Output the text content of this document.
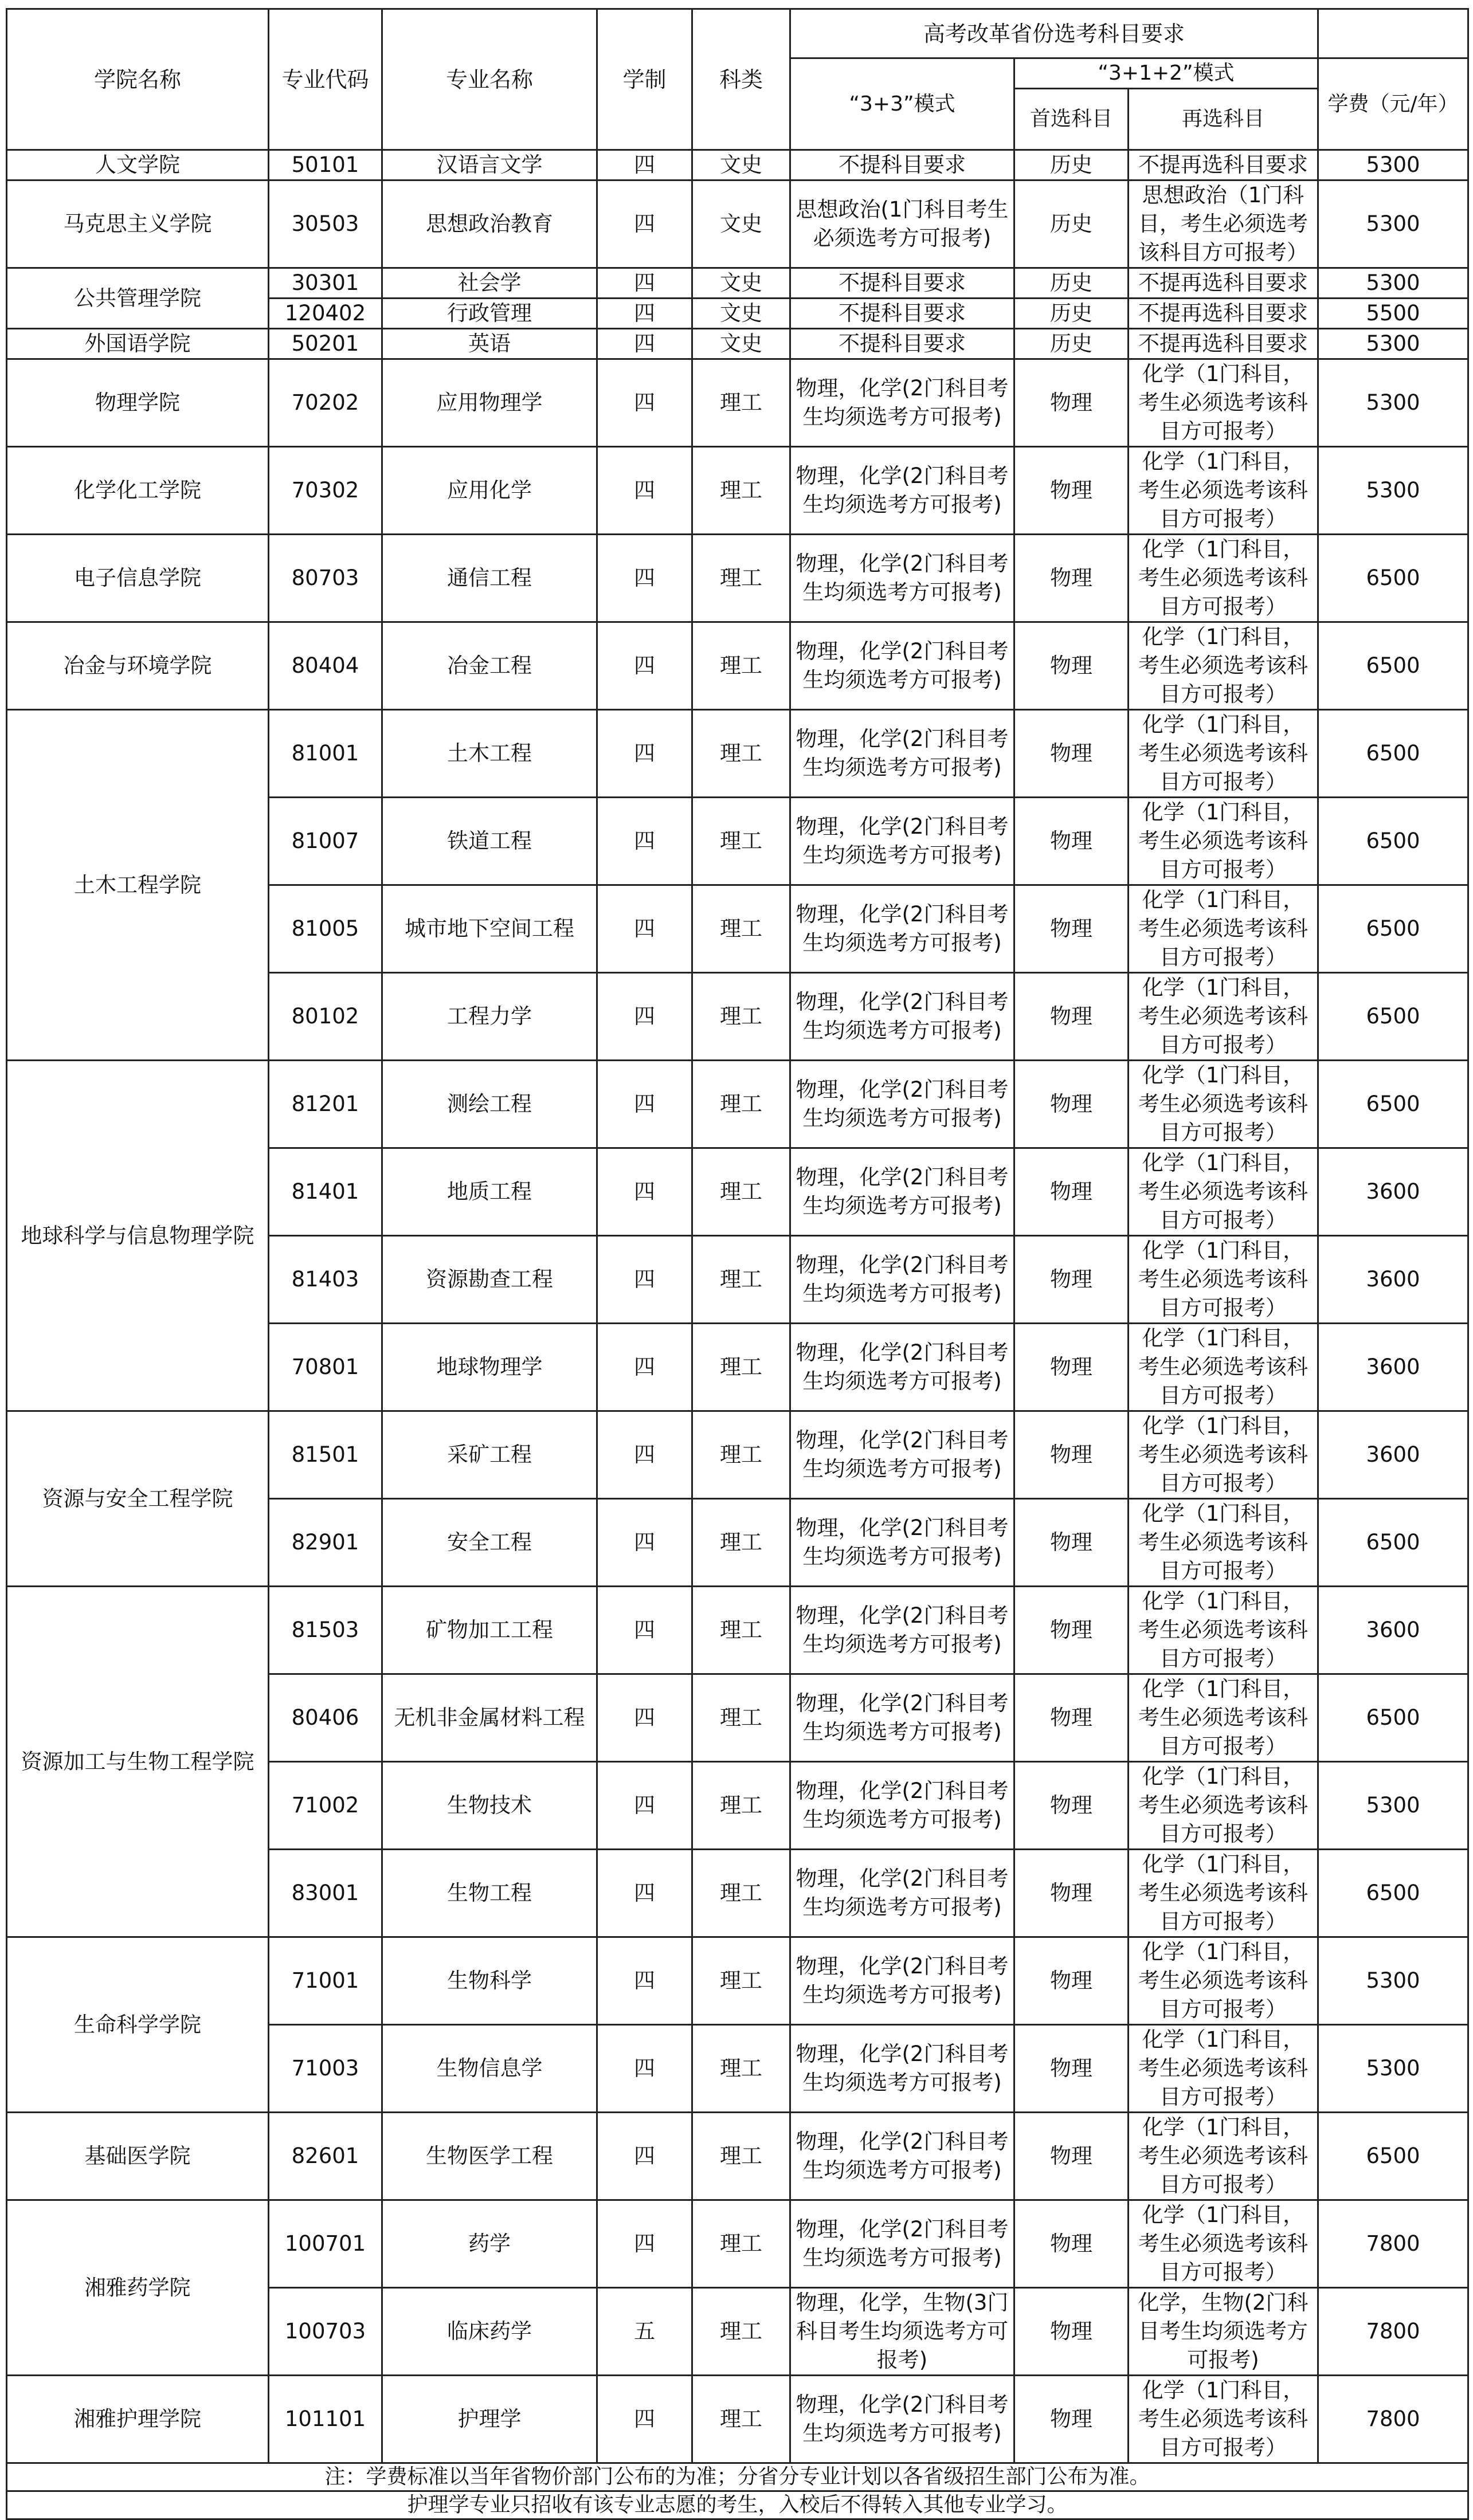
学院名称	专业代码	专业名称	学制	科类	高考改革省份选考科目要求			
					“3+3”模式	“3+1+2”模式		学费（元/年）
						首选科目	再选科目	
人文学院	50101	汉语言文学	四	文史	不提科目要求	历史	不提再选科目要求	5300
马克思主义学院	30503	思想政治教育	四	文史	思想政治(1门科目考生必须选考方可报考)	历史	思想政治（1门科目，考生必须选考该科目方可报考）	5300
公共管理学院	30301	社会学	四	文史	不提科目要求	历史	不提再选科目要求	5300
	120402	行政管理	四	文史	不提科目要求	历史	不提再选科目要求	5500
外国语学院	50201	英语	四	文史	不提科目要求	历史	不提再选科目要求	5300
物理学院	70202	应用物理学	四	理工	物理，化学(2门科目考生均须选考方可报考)	物理	化学（1门科目，考生必须选考该科目方可报考）	5300
化学化工学院	70302	应用化学	四	理工	物理，化学(2门科目考生均须选考方可报考)	物理	化学（1门科目，考生必须选考该科目方可报考）	5300
电子信息学院	80703	通信工程	四	理工	物理，化学(2门科目考生均须选考方可报考)	物理	化学（1门科目，考生必须选考该科目方可报考）	6500
冶金与环境学院	80404	冶金工程	四	理工	物理，化学(2门科目考生均须选考方可报考)	物理	化学（1门科目，考生必须选考该科目方可报考）	6500
土木工程学院	81001	土木工程	四	理工	物理，化学(2门科目考生均须选考方可报考)	物理	化学（1门科目，考生必须选考该科目方可报考）	6500
	81007	铁道工程	四	理工	物理，化学(2门科目考生均须选考方可报考)	物理	化学（1门科目，考生必须选考该科目方可报考）	6500
	81005	城市地下空间工程	四	理工	物理，化学(2门科目考生均须选考方可报考)	物理	化学（1门科目，考生必须选考该科目方可报考）	6500
	80102	工程力学	四	理工	物理，化学(2门科目考生均须选考方可报考)	物理	化学（1门科目，考生必须选考该科目方可报考）	6500
地球科学与信息物理学院	81201	测绘工程	四	理工	物理，化学(2门科目考生均须选考方可报考)	物理	化学（1门科目，考生必须选考该科目方可报考）	6500
	81401	地质工程	四	理工	物理，化学(2门科目考生均须选考方可报考)	物理	化学（1门科目，考生必须选考该科目方可报考）	3600
	81403	资源勘查工程	四	理工	物理，化学(2门科目考生均须选考方可报考)	物理	化学（1门科目，考生必须选考该科目方可报考）	3600
	70801	地球物理学	四	理工	物理，化学(2门科目考生均须选考方可报考)	物理	化学（1门科目，考生必须选考该科目方可报考）	3600
资源与安全工程学院	81501	采矿工程	四	理工	物理，化学(2门科目考生均须选考方可报考)	物理	化学（1门科目，考生必须选考该科目方可报考）	3600
	82901	安全工程	四	理工	物理，化学(2门科目考生均须选考方可报考)	物理	化学（1门科目，考生必须选考该科目方可报考）	6500
资源加工与生物工程学院	81503	矿物加工工程	四	理工	物理，化学(2门科目考生均须选考方可报考)	物理	化学（1门科目，考生必须选考该科目方可报考）	3600
	80406	无机非金属材料工程	四	理工	物理，化学(2门科目考生均须选考方可报考)	物理	化学（1门科目，考生必须选考该科目方可报考）	6500
	71002	生物技术	四	理工	物理，化学(2门科目考生均须选考方可报考)	物理	化学（1门科目，考生必须选考该科目方可报考）	5300
	83001	生物工程	四	理工	物理，化学(2门科目考生均须选考方可报考)	物理	化学（1门科目，考生必须选考该科目方可报考）	6500
生命科学学院	71001	生物科学	四	理工	物理，化学(2门科目考生均须选考方可报考)	物理	化学（1门科目，考生必须选考该科目方可报考）	5300
	71003	生物信息学	四	理工	物理，化学(2门科目考生均须选考方可报考)	物理	化学（1门科目，考生必须选考该科目方可报考）	5300
基础医学院	82601	生物医学工程	四	理工	物理，化学(2门科目考生均须选考方可报考)	物理	化学（1门科目，考生必须选考该科目方可报考）	6500
湘雅药学院	100701	药学	四	理工	物理，化学(2门科目考生均须选考方可报考)	物理	化学（1门科目，考生必须选考该科目方可报考）	7800
	100703	临床药学	五	理工	物理，化学，生物(3门科目考生均须选考方可报考)	物理	化学，生物(2门科目考生均须选考方可报考)	7800
湘雅护理学院	101101	护理学	四	理工	物理，化学(2门科目考生均须选考方可报考)	物理	化学（1门科目，考生必须选考该科目方可报考）	7800
注：学费标准以当年省物价部门公布的为准；分省分专业计划以各省级招生部门公布为准。								
护理学专业只招收有该专业志愿的考生，入校后不得转入其他专业学习。								
